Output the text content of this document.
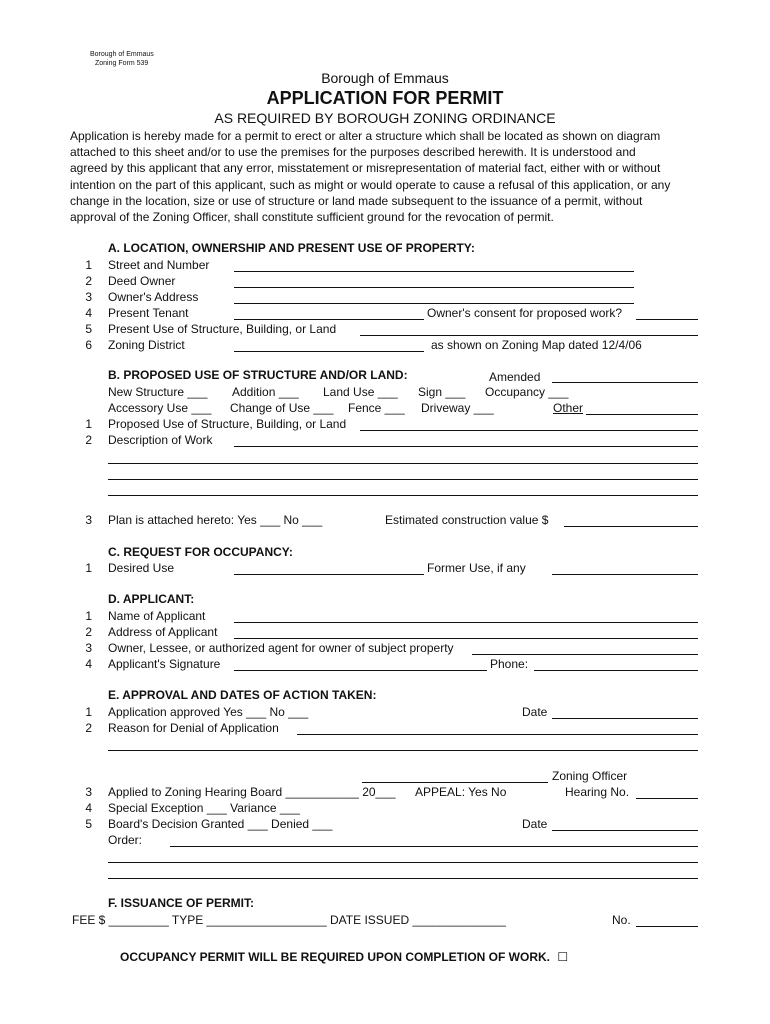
Borough of Emmaus
Zoning Form 539
Borough of Emmaus
APPLICATION FOR PERMIT
AS REQUIRED BY BOROUGH ZONING ORDINANCE
Application is hereby made for a permit to erect or alter a structure which shall be located as shown on diagram
attached to this sheet and/or to use the premises for the purposes described herewith. It is understood and
agreed by this applicant that any error, misstatement or misrepresentation of material fact, either with or without
intention on the part of this applicant, such as might or would operate to cause a refusal of this application, or any
change in the location, size or use of structure or land made subsequent to the issuance of a permit, without
approval of the Zoning Officer, shall constitute sufficient ground for the revocation of permit.
A. LOCATION, OWNERSHIP AND PRESENT USE OF PROPERTY:
1 Street and Number
2 Deed Owner
3 Owner's Address
4 Present Tenant	Owner's consent for proposed work?
5 Present Use of Structure, Building, or Land
6 Zoning District	as shown on Zoning Map dated 12/4/06
B. PROPOSED USE OF STRUCTURE AND/OR LAND:	Amended
New Structure ___ Addition ___ Land Use ___ Sign ___ Occupancy ___
Accessory Use ___ Change of Use ___ Fence ___ Driveway ___	Other
1 Proposed Use of Structure, Building, or Land
2 Description of Work
3 Plan is attached hereto: Yes ___ No ___	Estimated construction value $
C. REQUEST FOR OCCUPANCY:
1 Desired Use	Former Use, if any
D. APPLICANT:
1 Name of Applicant
2 Address of Applicant
3 Owner, Lessee, or authorized agent for owner of subject property
4 Applicant's Signature	Phone:
E. APPROVAL AND DATES OF ACTION TAKEN:
1 Application approved Yes ___ No ___	Date
2 Reason for Denial of Application
Zoning Officer
3 Applied to Zoning Hearing Board ___________ 20___ APPEAL: Yes No	Hearing No.
4 Special Exception ___ Variance ___
5 Board's Decision Granted ___ Denied ___	Date
Order:
F. ISSUANCE OF PERMIT:
FEE $ _________ TYPE __________________ DATE ISSUED ______________	No.
OCCUPANCY PERMIT WILL BE REQUIRED UPON COMPLETION OF WORK. ☐
